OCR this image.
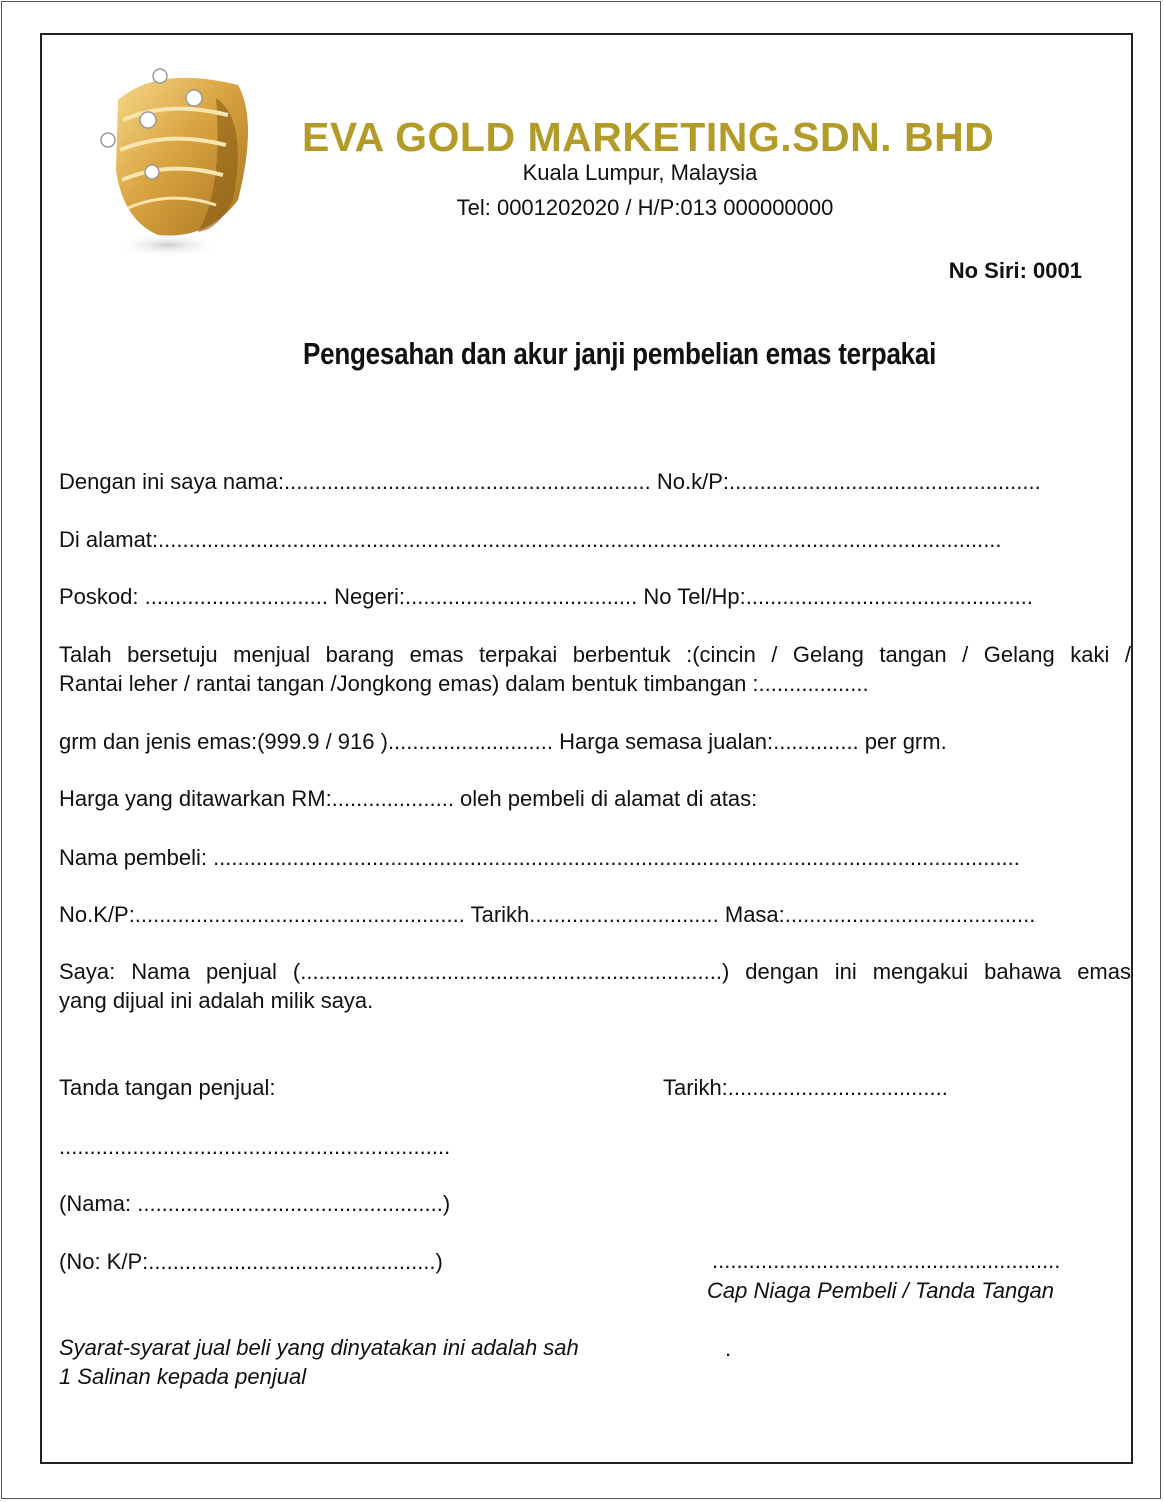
EVA GOLD MARKETING.SDN. BHD
Kuala Lumpur, Malaysia
Tel: 0001202020 / H/P:013 000000000
No Siri: 0001
Pengesahan dan akur janji pembelian emas terpakai
Dengan ini saya nama:............................................................ No.k/P:...................................................
Di alamat:..........................................................................................................................................
Poskod: .............................. Negeri:...................................... No Tel/Hp:...............................................
Talah bersetuju menjual barang emas terpakai berbentuk :(cincin / Gelang tangan / Gelang kaki /
Rantai leher / rantai tangan /Jongkong emas) dalam bentuk timbangan :..................
grm dan jenis emas:(999.9 / 916 )........................... Harga semasa jualan:.............. per grm.
Harga yang ditawarkan RM:.................... oleh pembeli di alamat di atas:
Nama pembeli: ....................................................................................................................................
No.K/P:...................................................... Tarikh............................... Masa:.........................................
Saya: Nama penjual (.....................................................................) dengan ini mengakui bahawa emas
yang dijual ini adalah milik saya.
Tanda tangan penjual:	Tarikh:....................................
................................................................
(Nama: ..................................................)
(No: K/P:...............................................)	.........................................................
Cap Niaga Pembeli / Tanda Tangan
Syarat-syarat jual beli yang dinyatakan ini adalah sah	.
1 Salinan kepada penjual
